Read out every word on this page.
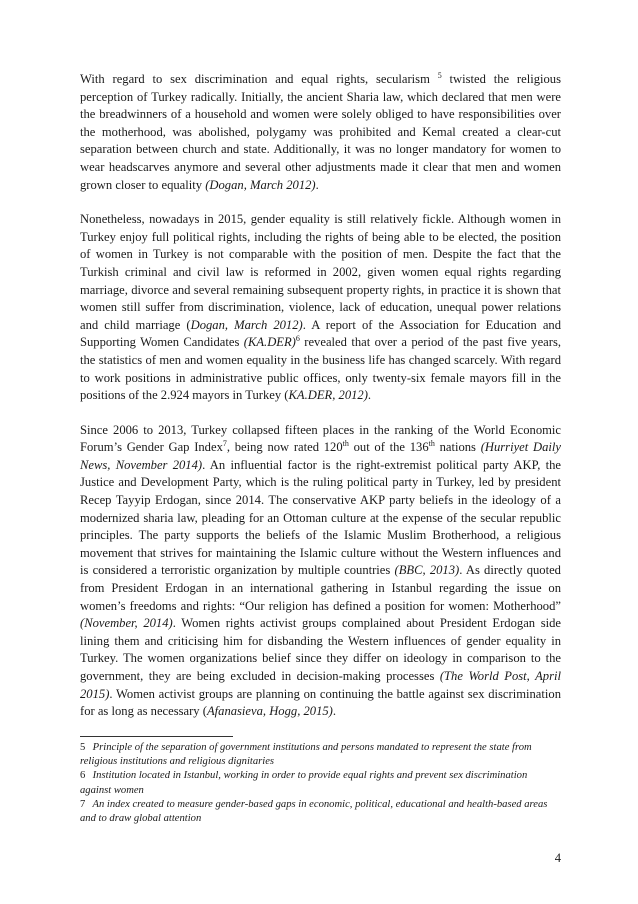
With regard to sex discrimination and equal rights, secularism $^5$ twisted the religious perception of Turkey radically. Initially, the ancient Sharia law, which declared that men were the breadwinners of a household and women were solely obliged to have responsibilities over the motherhood, was abolished, polygamy was prohibited and Kemal created a clear-cut separation between church and state. Additionally, it was no longer mandatory for women to wear headscarves anymore and several other adjustments made it clear that men and women grown closer to equality (Dogan, March 2012).

Nonetheless, nowadays in 2015, gender equality is still relatively fickle. Although women in Turkey enjoy full political rights, including the rights of being able to be elected, the position of women in Turkey is not comparable with the position of men. Despite the fact that the Turkish criminal and civil law is reformed in 2002, given women equal rights regarding marriage, divorce and several remaining subsequent property rights, in practice it is shown that women still suffer from discrimination, violence, lack of education, unequal power relations and child marriage (Dogan, March 2012). A report of the Association for Education and Supporting Women Candidates $(KA.DER)^6$ revealed that over a period of the past five years, the statistics of men and women equality in the business life has changed scarcely. With regard to work positions in administrative public offices, only twenty-six female mayors fill in the positions of the 2.924 mayors in Turkey (KA.DER, 2012).

Since 2006 to 2013, Turkey collapsed fifteen places in the ranking of the World Economic Forum’s Gender Gap Index$^7$, being now rated 120th out of the 136th nations (Hurriyet Daily News, November 2014). An influential factor is the right-extremist political party AKP, the Justice and Development Party, which is the ruling political party in Turkey, led by president Recep Tayyip Erdogan, since 2014. The conservative AKP party beliefs in the ideology of a modernized sharia law, pleading for an Ottoman culture at the expense of the secular republic principles. The party supports the beliefs of the Islamic Muslim Brotherhood, a religious movement that strives for maintaining the Islamic culture without the Western influences and is considered a terroristic organization by multiple countries (BBC, 2013). As directly quoted from President Erdogan in an international gathering in Istanbul regarding the issue on women’s freedoms and rights: “Our religion has defined a position for women: Motherhood” (November, 2014). Women rights activist groups complained about President Erdogan side lining them and criticising him for disbanding the Western influences of gender equality in Turkey. The women organizations belief since they differ on ideology in comparison to the government, they are being excluded in decision-making processes (The World Post, April 2015). Women activist groups are planning on continuing the battle against sex discrimination for as long as necessary (Afanasieva, Hogg, 2015).

5 Principle of the separation of government institutions and persons mandated to represent the state from religious institutions and religious dignitaries

6 Institution located in Istanbul, working in order to provide equal rights and prevent sex discrimination against women

7 An index created to measure gender-based gaps in economic, political, educational and health-based areas and to draw global attention

4
